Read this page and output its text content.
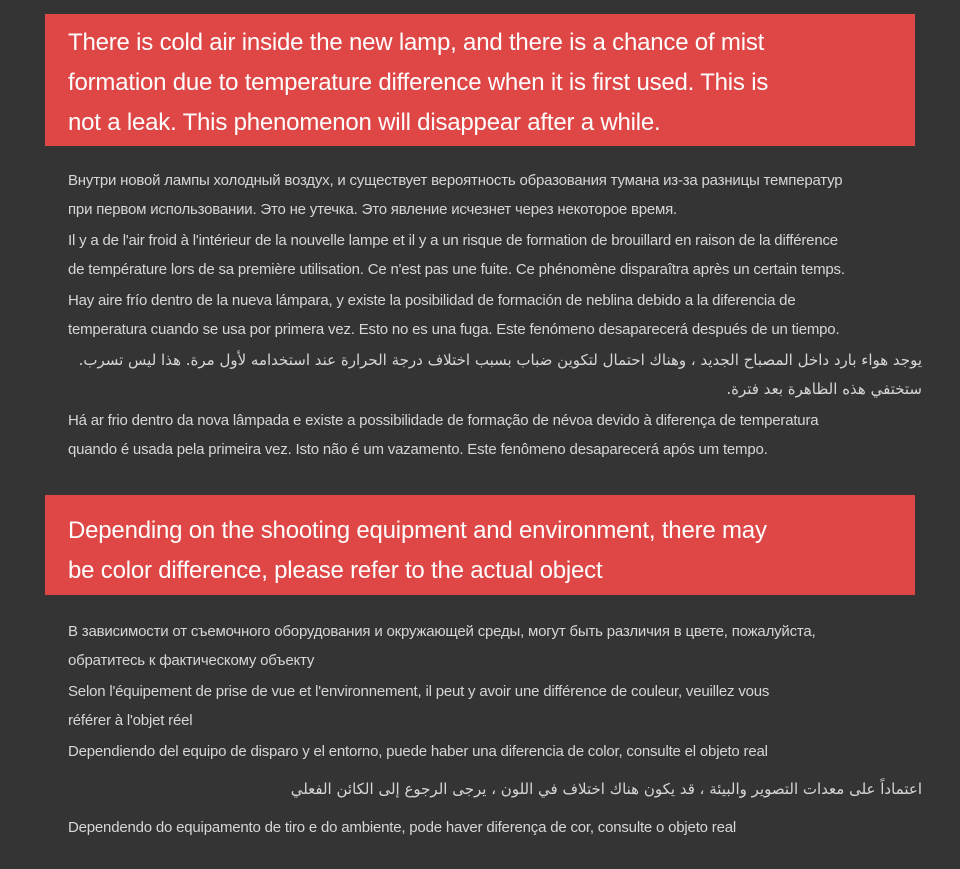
There is cold air inside the new lamp, and there is a chance of mist
formation due to temperature difference when it is first used. This is
not a leak. This phenomenon will disappear after a while.
Внутри новой лампы холодный воздух, и существует вероятность образования тумана из-за разницы температур
при первом использовании. Это не утечка. Это явление исчезнет через некоторое время.
Il y a de l'air froid à l'intérieur de la nouvelle lampe et il y a un risque de formation de brouillard en raison de la différence
de température lors de sa première utilisation. Ce n'est pas une fuite. Ce phénomène disparaîtra après un certain temps.
Hay aire frío dentro de la nueva lámpara, y existe la posibilidad de formación de neblina debido a la diferencia de
temperatura cuando se usa por primera vez. Esto no es una fuga. Este fenómeno desaparecerá después de un tiempo.
يوجد هواء بارد داخل المصباح الجديد ، وهناك احتمال لتكوين ضباب بسبب اختلاف درجة الحرارة عند استخدامه لأول مرة. هذا ليس تسرب.
ستختفي هذه الظاهرة بعد فترة.
Há ar frio dentro da nova lâmpada e existe a possibilidade de formação de névoa devido à diferença de temperatura
quando é usada pela primeira vez. Isto não é um vazamento. Este fenômeno desaparecerá após um tempo.
Depending on the shooting equipment and environment, there may
be color difference, please refer to the actual object
В зависимости от съемочного оборудования и окружающей среды, могут быть различия в цвете, пожалуйста,
обратитесь к фактическому объекту
Selon l'équipement de prise de vue et l'environnement, il peut y avoir une différence de couleur, veuillez vous
référer à l'objet réel
Dependiendo del equipo de disparo y el entorno, puede haber una diferencia de color, consulte el objeto real
اعتماداً على معدات التصوير والبيئة ، قد يكون هناك اختلاف في اللون ، يرجى الرجوع إلى الكائن الفعلي
Dependendo do equipamento de tiro e do ambiente, pode haver diferença de cor, consulte o objeto real
